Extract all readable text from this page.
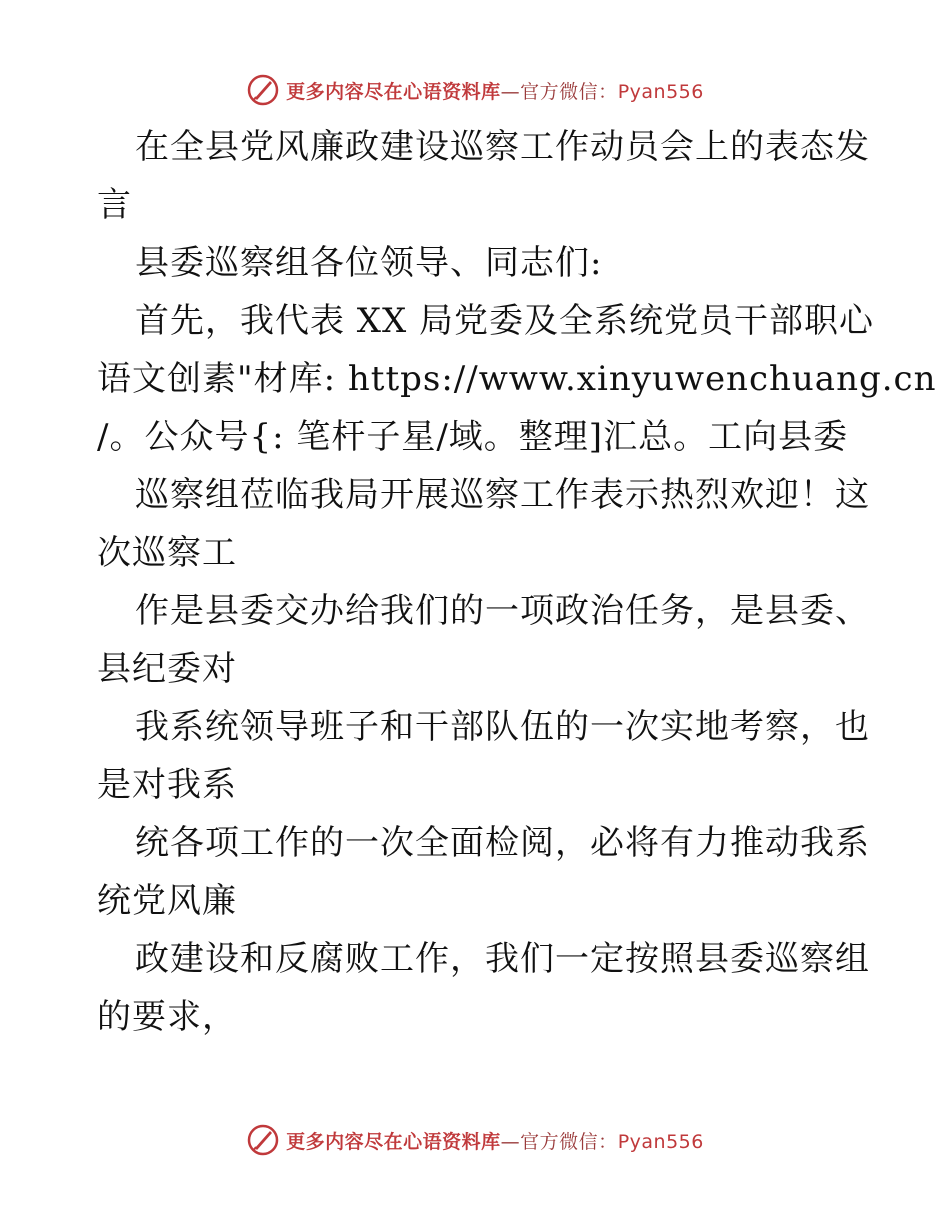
更多内容尽在心语资料库—官方微信：Pyan556
在全县党风廉政建设巡察工作动员会上的表态发
言
县委巡察组各位领导、同志们:
首先，我代表 XX 局党委及全系统党员干部职心
语文创素"材库: https://www.xinyuwenchuang.cn
/。公众号{: 笔杆子星/域。整理]汇总。工向县委
巡察组莅临我局开展巡察工作表示热烈欢迎！这
次巡察工
作是县委交办给我们的一项政治任务，是县委、
县纪委对
我系统领导班子和干部队伍的一次实地考察，也
是对我系
统各项工作的一次全面检阅，必将有力推动我系
统党风廉
政建设和反腐败工作，我们一定按照县委巡察组
的要求，
更多内容尽在心语资料库—官方微信：Pyan556
